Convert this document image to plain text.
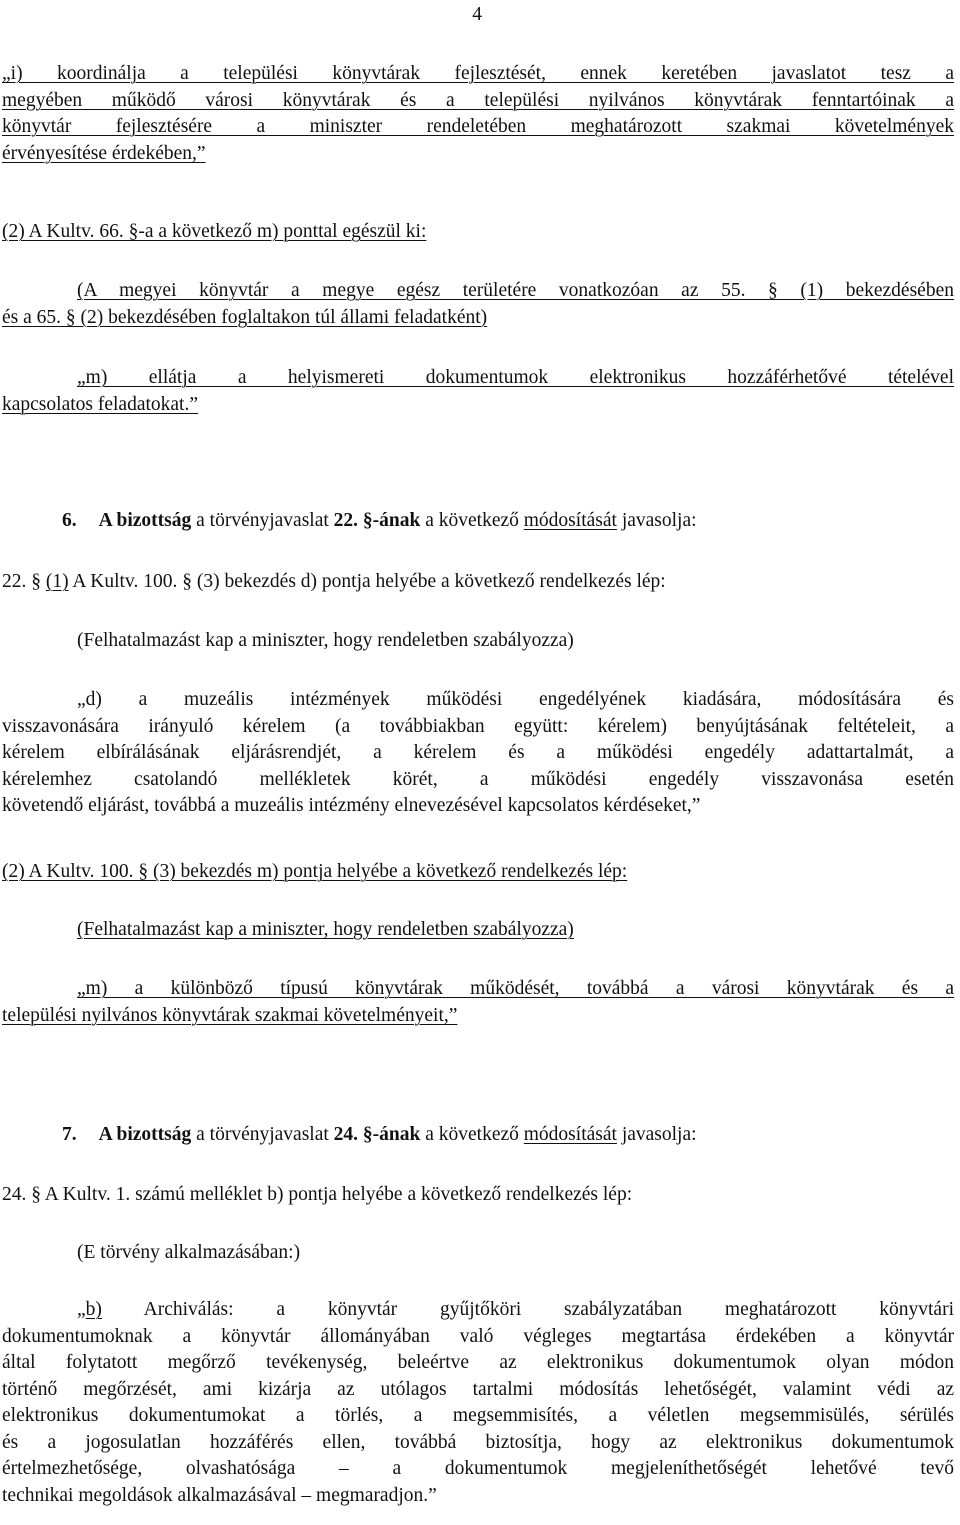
4
„i) koordinálja a települési könyvtárak fejlesztését, ennek keretében javaslatot tesz a
megyében működő városi könyvtárak és a települési nyilvános könyvtárak fenntartóinak a
könyvtár fejlesztésére a miniszter rendeletében meghatározott szakmai követelmények
érvényesítése érdekében,”
(2) A Kultv. 66. §-a a következő m) ponttal egészül ki:
(A megyei könyvtár a megye egész területére vonatkozóan az 55. § (1) bekezdésében
és a 65. § (2) bekezdésében foglaltakon túl állami feladatként)
„m) ellátja a helyismereti dokumentumok elektronikus hozzáférhetővé tételével
kapcsolatos feladatokat.”
6. A bizottság a törvényjavaslat 22. §-ának a következő módosítását javasolja:
22. § (1) A Kultv. 100. § (3) bekezdés d) pontja helyébe a következő rendelkezés lép:
(Felhatalmazást kap a miniszter, hogy rendeletben szabályozza)
„d) a muzeális intézmények működési engedélyének kiadására, módosítására és
visszavonására irányuló kérelem (a továbbiakban együtt: kérelem) benyújtásának feltételeit, a
kérelem elbírálásának eljárásrendjét, a kérelem és a működési engedély adattartalmát, a
kérelemhez csatolandó mellékletek körét, a működési engedély visszavonása esetén
követendő eljárást, továbbá a muzeális intézmény elnevezésével kapcsolatos kérdéseket,”
(2) A Kultv. 100. § (3) bekezdés m) pontja helyébe a következő rendelkezés lép:
(Felhatalmazást kap a miniszter, hogy rendeletben szabályozza)
„m) a különböző típusú könyvtárak működését, továbbá a városi könyvtárak és a
települési nyilvános könyvtárak szakmai követelményeit,”
7. A bizottság a törvényjavaslat 24. §-ának a következő módosítását javasolja:
24. § A Kultv. 1. számú melléklet b) pontja helyébe a következő rendelkezés lép:
(E törvény alkalmazásában:)
„b) Archiválás: a könyvtár gyűjtőköri szabályzatában meghatározott könyvtári
dokumentumoknak a könyvtár állományában való végleges megtartása érdekében a könyvtár
által folytatott megőrző tevékenység, beleértve az elektronikus dokumentumok olyan módon
történő megőrzését, ami kizárja az utólagos tartalmi módosítás lehetőségét, valamint védi az
elektronikus dokumentumokat a törlés, a megsemmisítés, a véletlen megsemmisülés, sérülés
és a jogosulatlan hozzáférés ellen, továbbá biztosítja, hogy az elektronikus dokumentumok
értelmezhetősége, olvashatósága – a dokumentumok megjeleníthetőségét lehetővé tevő
technikai megoldások alkalmazásával – megmaradjon.”
